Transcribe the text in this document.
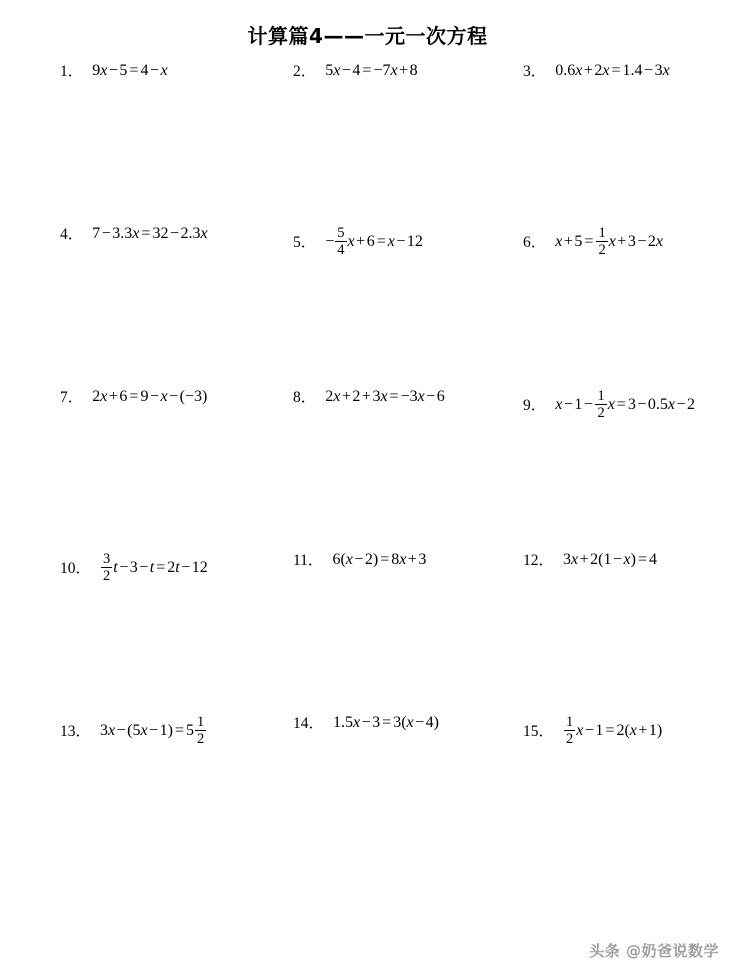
计算篇4——一元一次方程
1． 9 x − 5 = 4 − x	2． 5 x − 4 = − 7 x + 8	3． 0.6 x + 2 x = 1.4 − 3 x
4． 7 − 3.3 x = 32 − 2.3 x	5． − $\frac{5}{4}$ x + 6 = x − 12	6． $x + 5 = \frac{1}{2}$ x + 3 − 2 x
7． 2 x + 6 = 9 − x − ( − 3)	8． 2 x + 2 + 3 x = − 3 x − 6	9． $x - 1 - \frac{1}{2}$ x = 3 − 0.5 x − 2
10． $\frac{3}{2}$ t − 3 − t = 2 t − 12	11． 6( x − 2) = 8 x + 3	12． 3 x + 2(1 − x ) = 4
13． 3 x − (5 $x - 1) = 5 \frac{1}{2}$	14． 1.5 x − 3 = 3( x − 4)	15． $\frac{1}{2}$ x − 1 = 2( x + 1)
头条 @奶爸说数学
